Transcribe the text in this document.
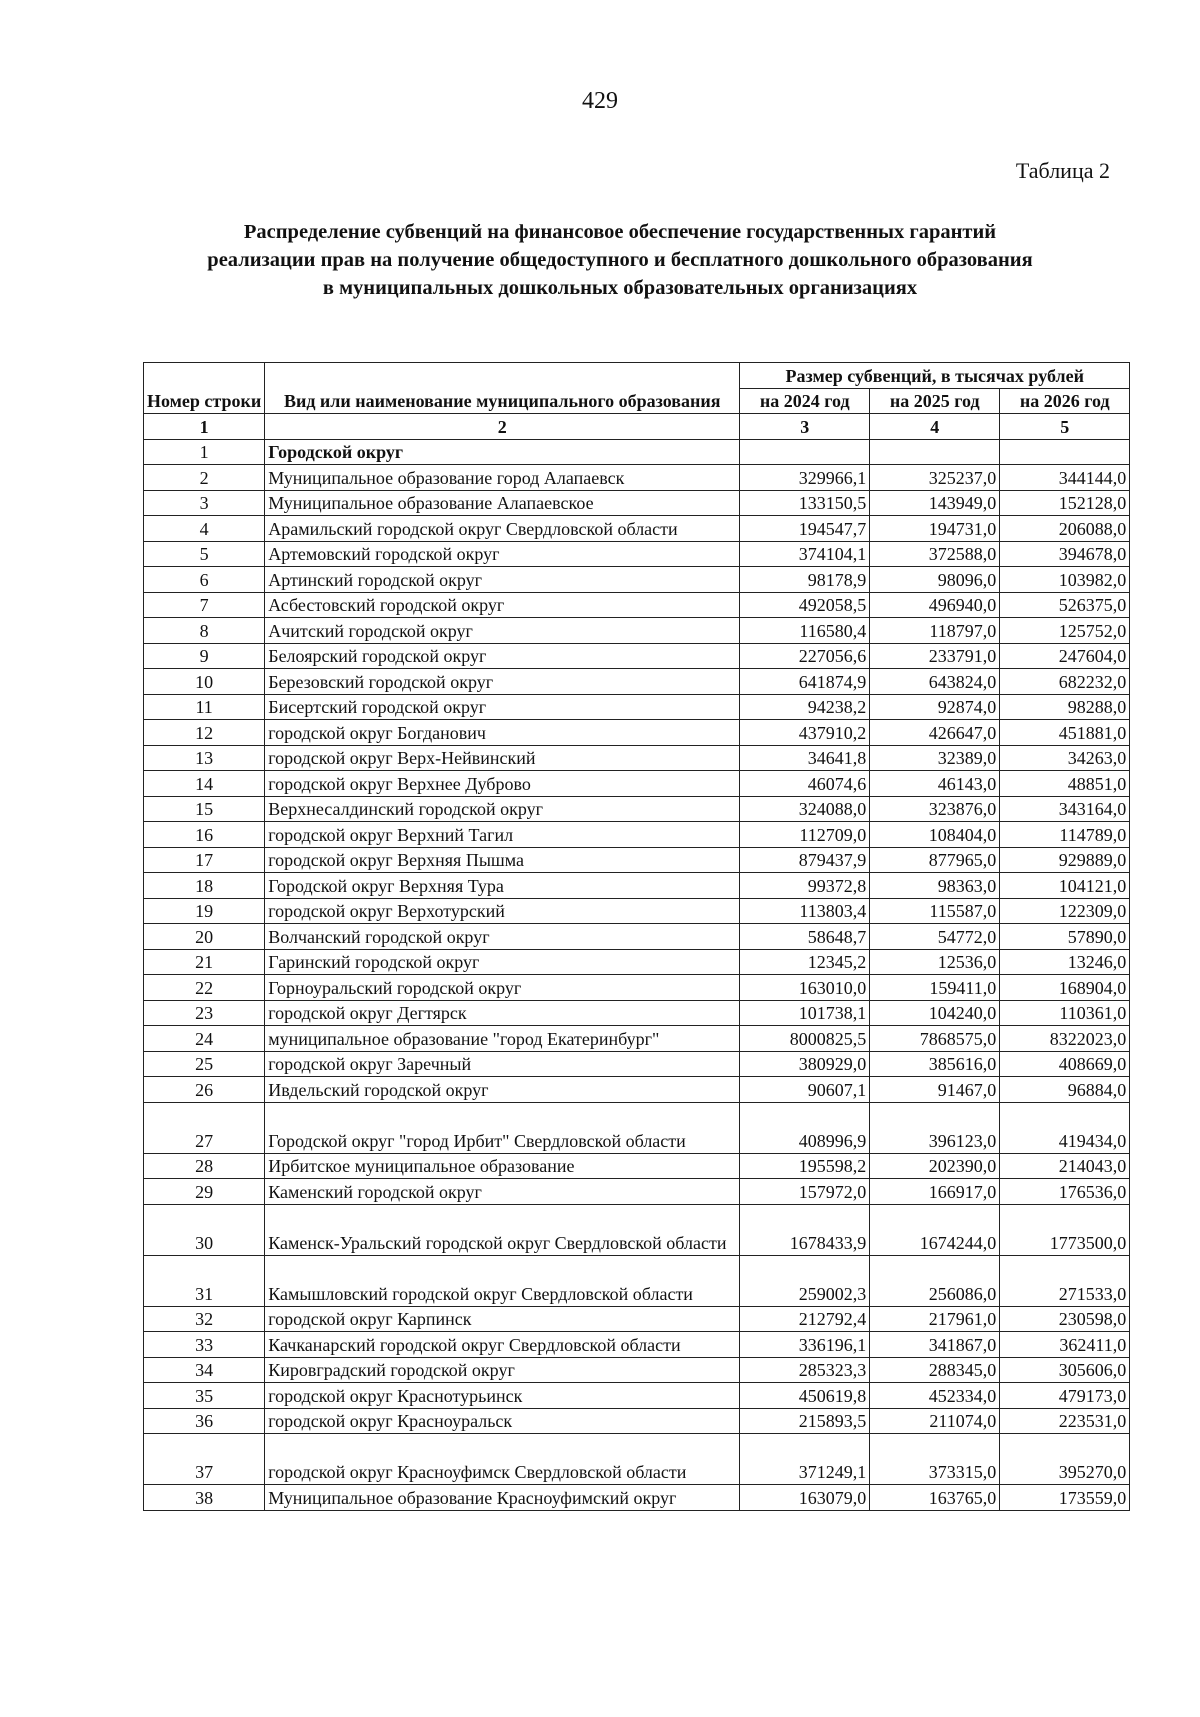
429
Таблица 2
Распределение субвенций на финансовое обеспечение государственных гарантий реализации прав на получение общедоступного и бесплатного дошкольного образования в муниципальных дошкольных образовательных организациях
Номер строки	Вид или наименование муниципального образования	Размер субвенций, в тысячах рублей		
		на 2024 год	на 2025 год	на 2026 год
1	2	3	4	5
1	Городской округ			
2	Муниципальное образование город Алапаевск	329966,1	325237,0	344144,0
3	Муниципальное образование Алапаевское	133150,5	143949,0	152128,0
4	Арамильский городской округ Свердловской области	194547,7	194731,0	206088,0
5	Артемовский городской округ	374104,1	372588,0	394678,0
6	Артинский городской округ	98178,9	98096,0	103982,0
7	Асбестовский городской округ	492058,5	496940,0	526375,0
8	Ачитский городской округ	116580,4	118797,0	125752,0
9	Белоярский городской округ	227056,6	233791,0	247604,0
10	Березовский городской округ	641874,9	643824,0	682232,0
11	Бисертский городской округ	94238,2	92874,0	98288,0
12	городской округ Богданович	437910,2	426647,0	451881,0
13	городской округ Верх-Нейвинский	34641,8	32389,0	34263,0
14	городской округ Верхнее Дуброво	46074,6	46143,0	48851,0
15	Верхнесалдинский городской округ	324088,0	323876,0	343164,0
16	городской округ Верхний Тагил	112709,0	108404,0	114789,0
17	городской округ Верхняя Пышма	879437,9	877965,0	929889,0
18	Городской округ Верхняя Тура	99372,8	98363,0	104121,0
19	городской округ Верхотурский	113803,4	115587,0	122309,0
20	Волчанский городской округ	58648,7	54772,0	57890,0
21	Гаринский городской округ	12345,2	12536,0	13246,0
22	Горноуральский городской округ	163010,0	159411,0	168904,0
23	городской округ Дегтярск	101738,1	104240,0	110361,0
24	муниципальное образование "город Екатеринбург"	8000825,5	7868575,0	8322023,0
25	городской округ Заречный	380929,0	385616,0	408669,0
26	Ивдельский городской округ	90607,1	91467,0	96884,0
27	Городской округ "город Ирбит" Свердловской области	408996,9	396123,0	419434,0
28	Ирбитское муниципальное образование	195598,2	202390,0	214043,0
29	Каменский городской округ	157972,0	166917,0	176536,0
30	Каменск-Уральский городской округ Свердловской области	1678433,9	1674244,0	1773500,0
31	Камышловский городской округ Свердловской области	259002,3	256086,0	271533,0
32	городской округ Карпинск	212792,4	217961,0	230598,0
33	Качканарский городской округ Свердловской области	336196,1	341867,0	362411,0
34	Кировградский городской округ	285323,3	288345,0	305606,0
35	городской округ Краснотурьинск	450619,8	452334,0	479173,0
36	городской округ Красноуральск	215893,5	211074,0	223531,0
37	городской округ Красноуфимск Свердловской области	371249,1	373315,0	395270,0
38	Муниципальное образование Красноуфимский округ	163079,0	163765,0	173559,0
